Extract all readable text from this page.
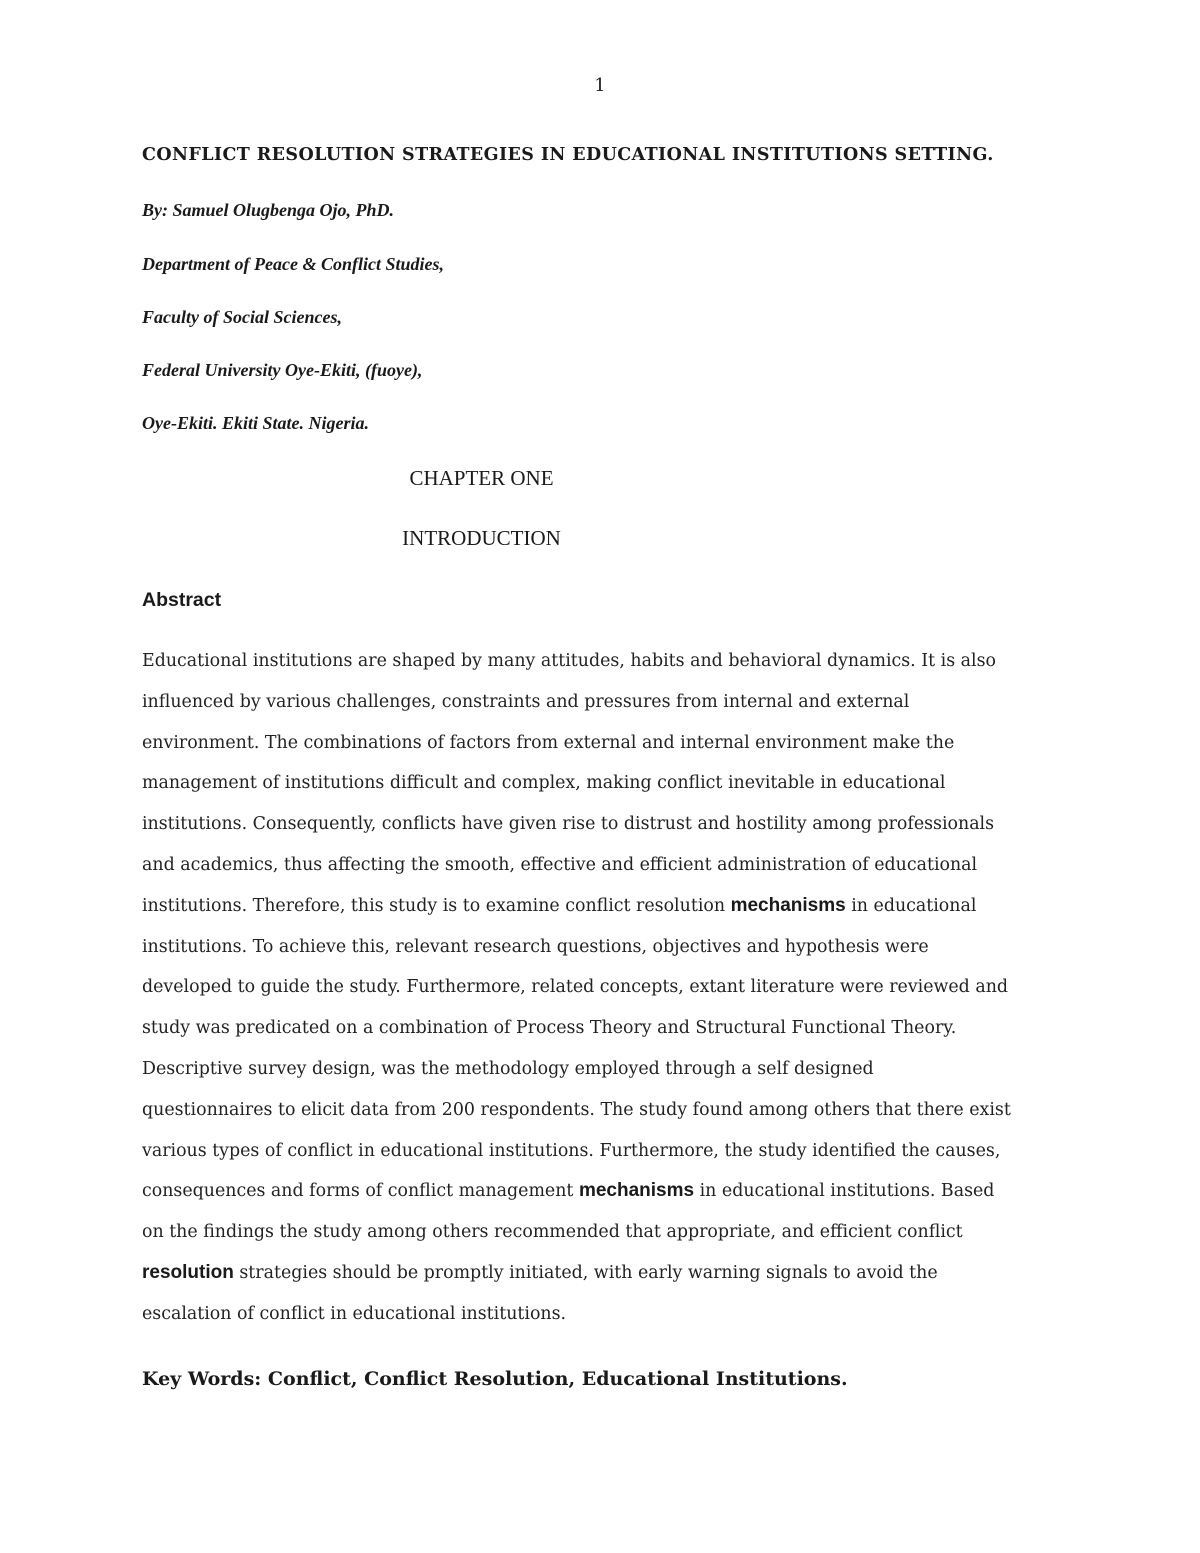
1
CONFLICT RESOLUTION STRATEGIES IN EDUCATIONAL INSTITUTIONS SETTING.
By: Samuel Olugbenga Ojo, PhD.
Department of Peace & Conflict Studies,
Faculty of Social Sciences,
Federal University Oye-Ekiti, (fuoye),
Oye-Ekiti. Ekiti State. Nigeria.
CHAPTER ONE
INTRODUCTION
Abstract
Educational institutions are shaped by many attitudes, habits and behavioral dynamics. It is also
influenced by various challenges, constraints and pressures from internal and external
environment. The combinations of factors from external and internal environment make the
management of institutions difficult and complex, making conflict inevitable in educational
institutions. Consequently, conflicts have given rise to distrust and hostility among professionals
and academics, thus affecting the smooth, effective and efficient administration of educational
institutions. Therefore, this study is to examine conflict resolution mechanisms in educational
institutions. To achieve this, relevant research questions, objectives and hypothesis were
developed to guide the study. Furthermore, related concepts, extant literature were reviewed and
study was predicated on a combination of Process Theory and Structural Functional Theory.
Descriptive survey design, was the methodology employed through a self designed
questionnaires to elicit data from 200 respondents. The study found among others that there exist
various types of conflict in educational institutions. Furthermore, the study identified the causes,
consequences and forms of conflict management mechanisms in educational institutions. Based
on the findings the study among others recommended that appropriate, and efficient conflict
resolution strategies should be promptly initiated, with early warning signals to avoid the
escalation of conflict in educational institutions.
Key Words: Conflict, Conflict Resolution, Educational Institutions.
